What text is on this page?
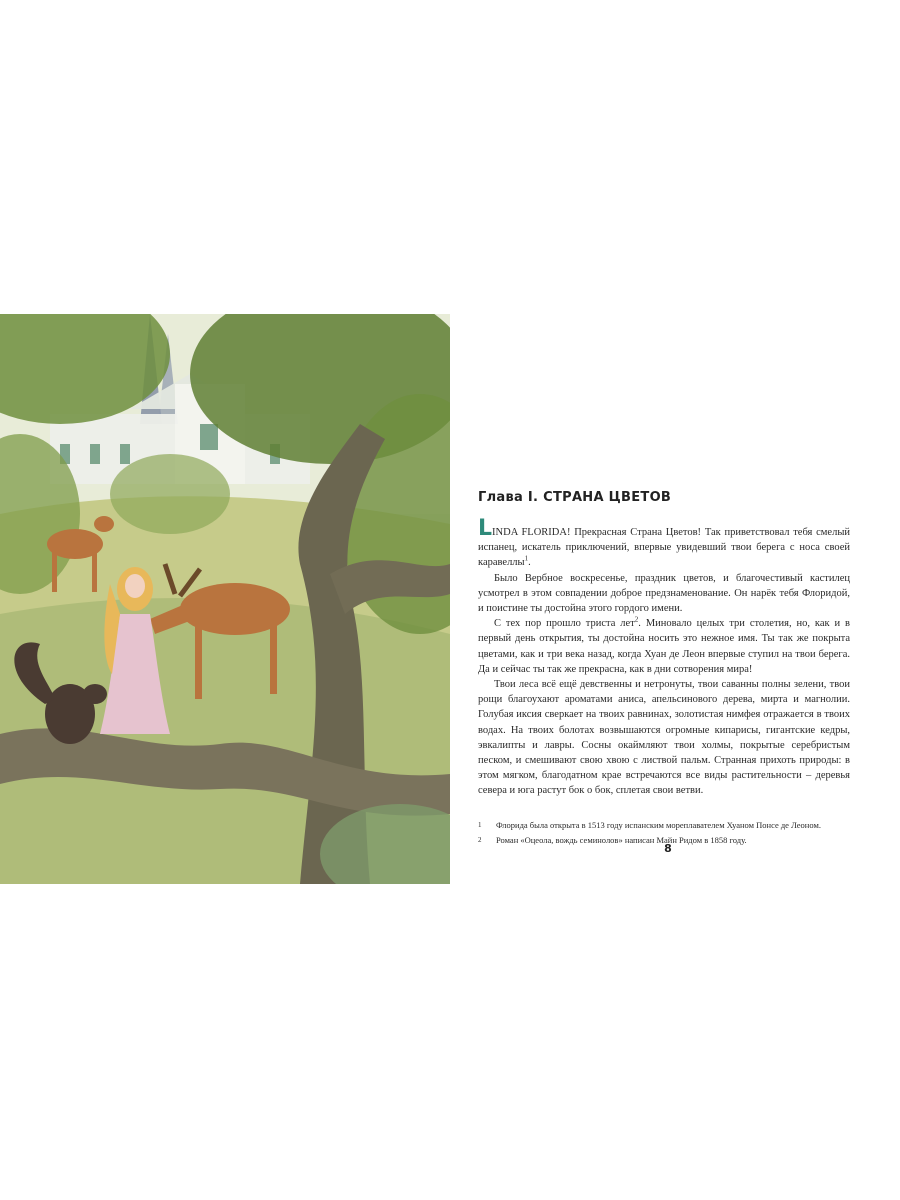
Глава I. СТРАНА ЦВЕТОВ

LINDA FLORIDA! Прекрасная Страна Цветов! Так приветствовал тебя смелый испанец, искатель приключений, впервые увидевший твои берега с носа своей каравеллы$^1$.

Было Вербное воскресенье, праздник цветов, и благочестивый кастилец усмотрел в этом совпадении доброе предзнаменование. Он нарёк тебя Флоридой, и поистине ты достойна этого гордого имени.

С тех пор прошло триста лет$^2$. Миновало целых три столетия, но, как и в первый день открытия, ты достойна носить это нежное имя. Ты так же покрыта цветами, как и три века назад, когда Хуан де Леон впервые ступил на твои берега. Да и сейчас ты так же прекрасна, как в дни сотворения мира!

Твои леса всё ещё девственны и нетронуты, твои саванны полны зелени, твои рощи благоухают ароматами аниса, апельсинового дерева, мирта и магнолии. Голубая иксия сверкает на твоих равнинах, золотистая нимфея отражается в твоих водах. На твоих болотах возвышаются огромные кипарисы, гигантские кедры, эвкалипты и лавры. Сосны окаймляют твои холмы, покрытые серебристым песком, и смешивают свою хвою с листвой пальм. Странная прихоть природы: в этом мягком, благодатном крае встречаются все виды растительности – деревья севера и юга растут бок о бок, сплетая свои ветви.

1	Флорида была открыта в 1513 году испанским мореплавателем Хуаном Понсе де Леоном.
2	Роман «Оцеола, вождь семинолов» написан Майн Ридом в 1858 году.
8
